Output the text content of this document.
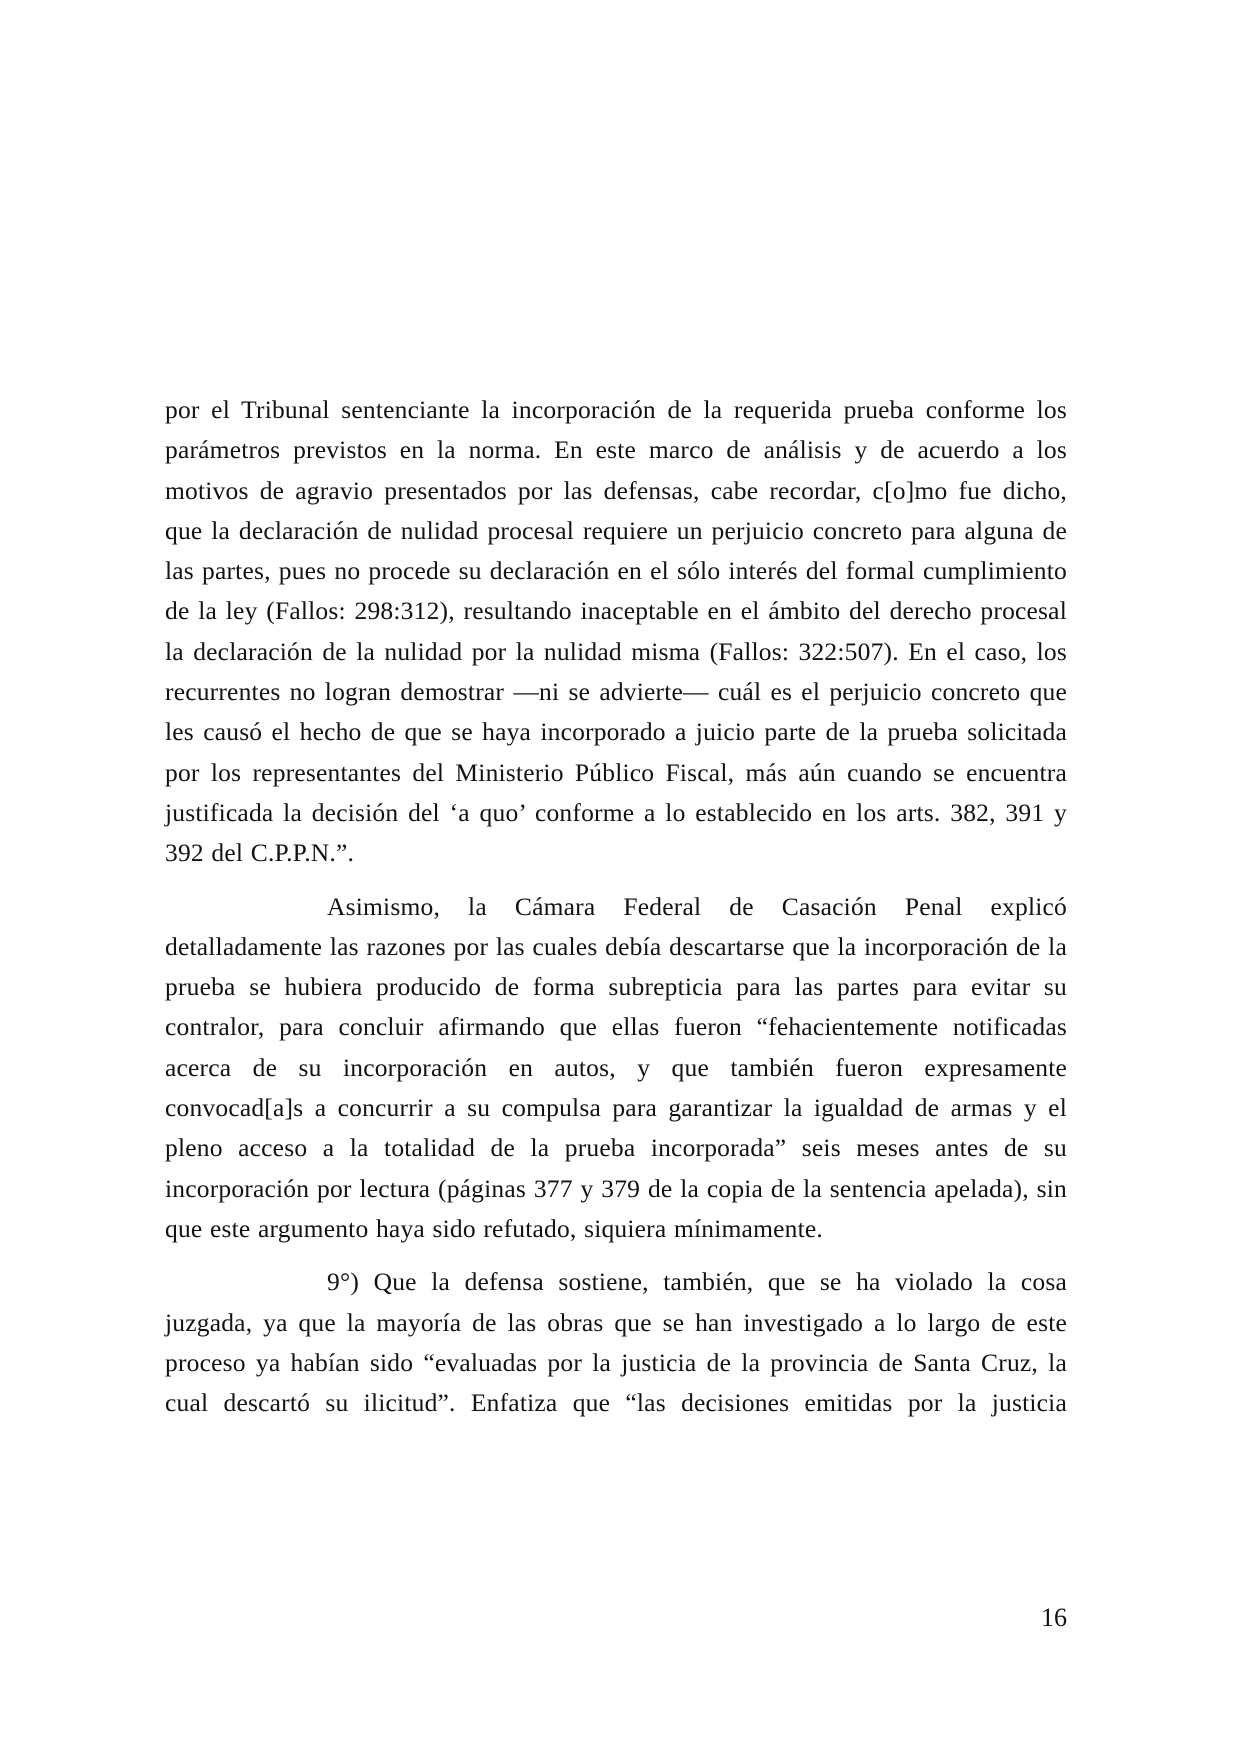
por el Tribunal sentenciante la incorporación de la requerida prueba conforme los parámetros previstos en la norma. En este marco de análisis y de acuerdo a los motivos de agravio presentados por las defensas, cabe recordar, c[o]mo fue dicho, que la declaración de nulidad procesal requiere un perjuicio concreto para alguna de las partes, pues no procede su declaración en el sólo interés del formal cumplimiento de la ley (Fallos: 298:312), resultando inaceptable en el ámbito del derecho procesal la declaración de la nulidad por la nulidad misma (Fallos: 322:507). En el caso, los recurrentes no logran demostrar —ni se advierte— cuál es el perjuicio concreto que les causó el hecho de que se haya incorporado a juicio parte de la prueba solicitada por los representantes del Ministerio Público Fiscal, más aún cuando se encuentra justificada la decisión del ‘a quo’ conforme a lo establecido en los arts. 382, 391 y 392 del C.P.P.N.”.

Asimismo, la Cámara Federal de Casación Penal explicó detalladamente las razones por las cuales debía descartarse que la incorporación de la prueba se hubiera producido de forma subrepticia para las partes para evitar su contralor, para concluir afirmando que ellas fueron “fehacientemente notificadas acerca de su incorporación en autos, y que también fueron expresamente convocad[a]s a concurrir a su compulsa para garantizar la igualdad de armas y el pleno acceso a la totalidad de la prueba incorporada” seis meses antes de su incorporación por lectura (páginas 377 y 379 de la copia de la sentencia apelada), sin que este argumento haya sido refutado, siquiera mínimamente.

9°) Que la defensa sostiene, también, que se ha violado la cosa juzgada, ya que la mayoría de las obras que se han investigado a lo largo de este proceso ya habían sido “evaluadas por la justicia de la provincia de Santa Cruz, la cual descartó su ilicitud”. Enfatiza que “las decisiones emitidas por la justicia

16
